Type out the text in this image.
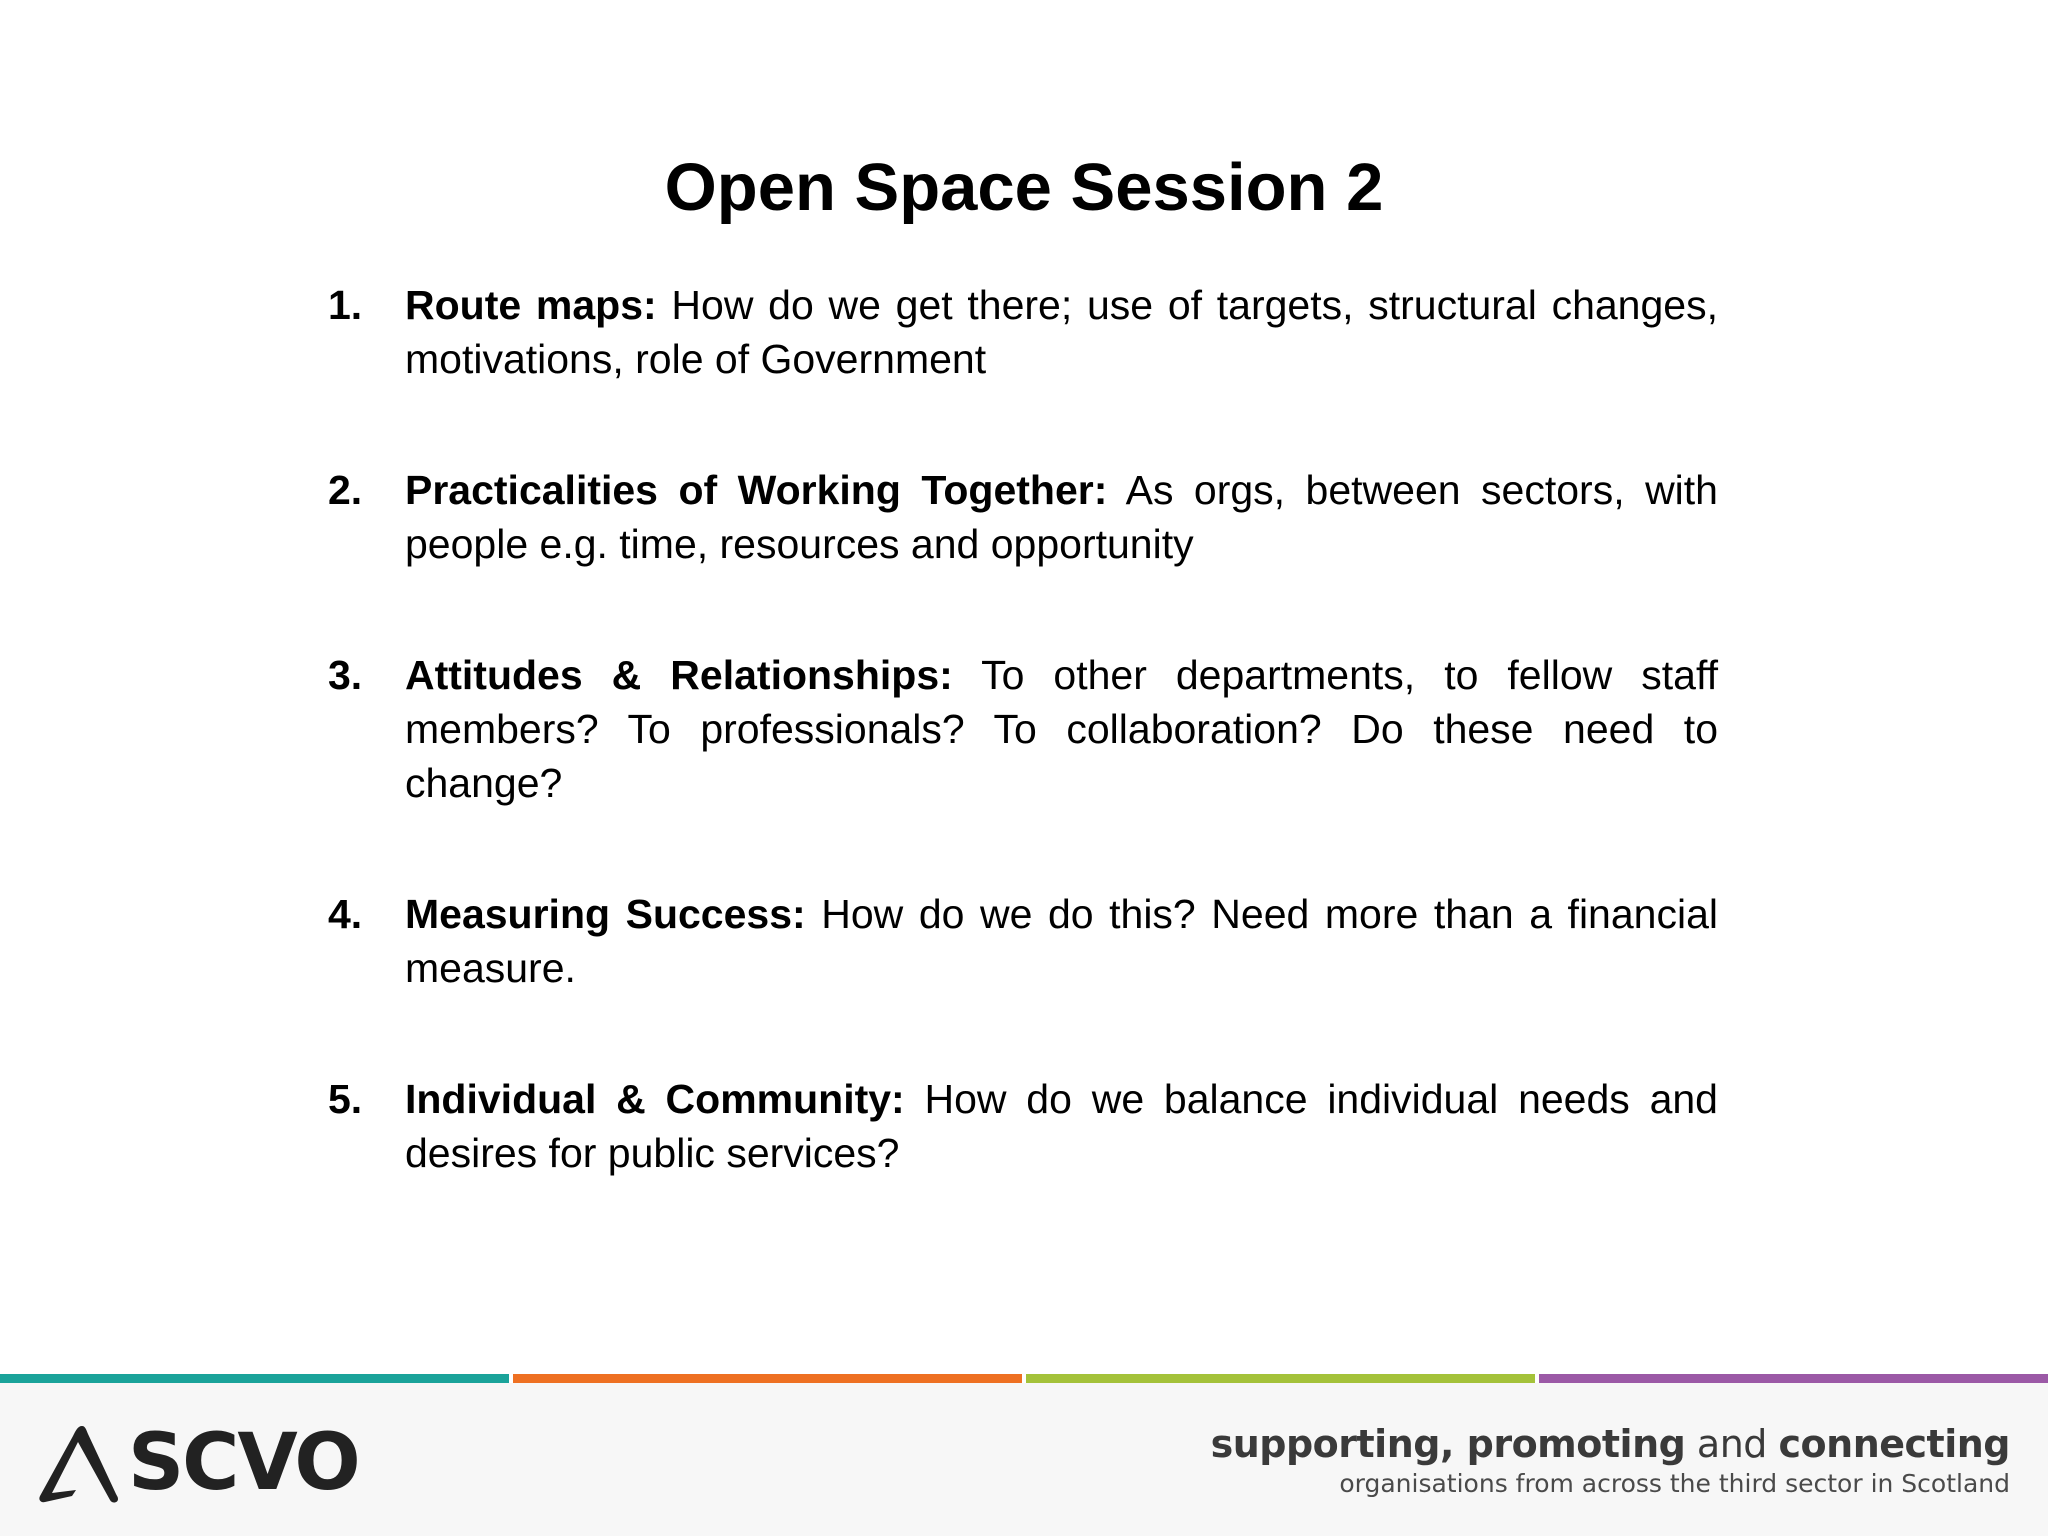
Open Space Session 2
1.	Route maps: How do we get there; use of targets, structural changes, motivations, role of Government
2.	Practicalities of Working Together: As orgs, between sectors, with people e.g. time, resources and opportunity
3.	Attitudes & Relationships: To other departments, to fellow staff members? To professionals? To collaboration? Do these need to change?
4.	Measuring Success: How do we do this? Need more than a financial measure.
5.	Individual & Community: How do we balance individual needs and desires for public services?
SCVO	supporting, promoting and connecting
organisations from across the third sector in Scotland
